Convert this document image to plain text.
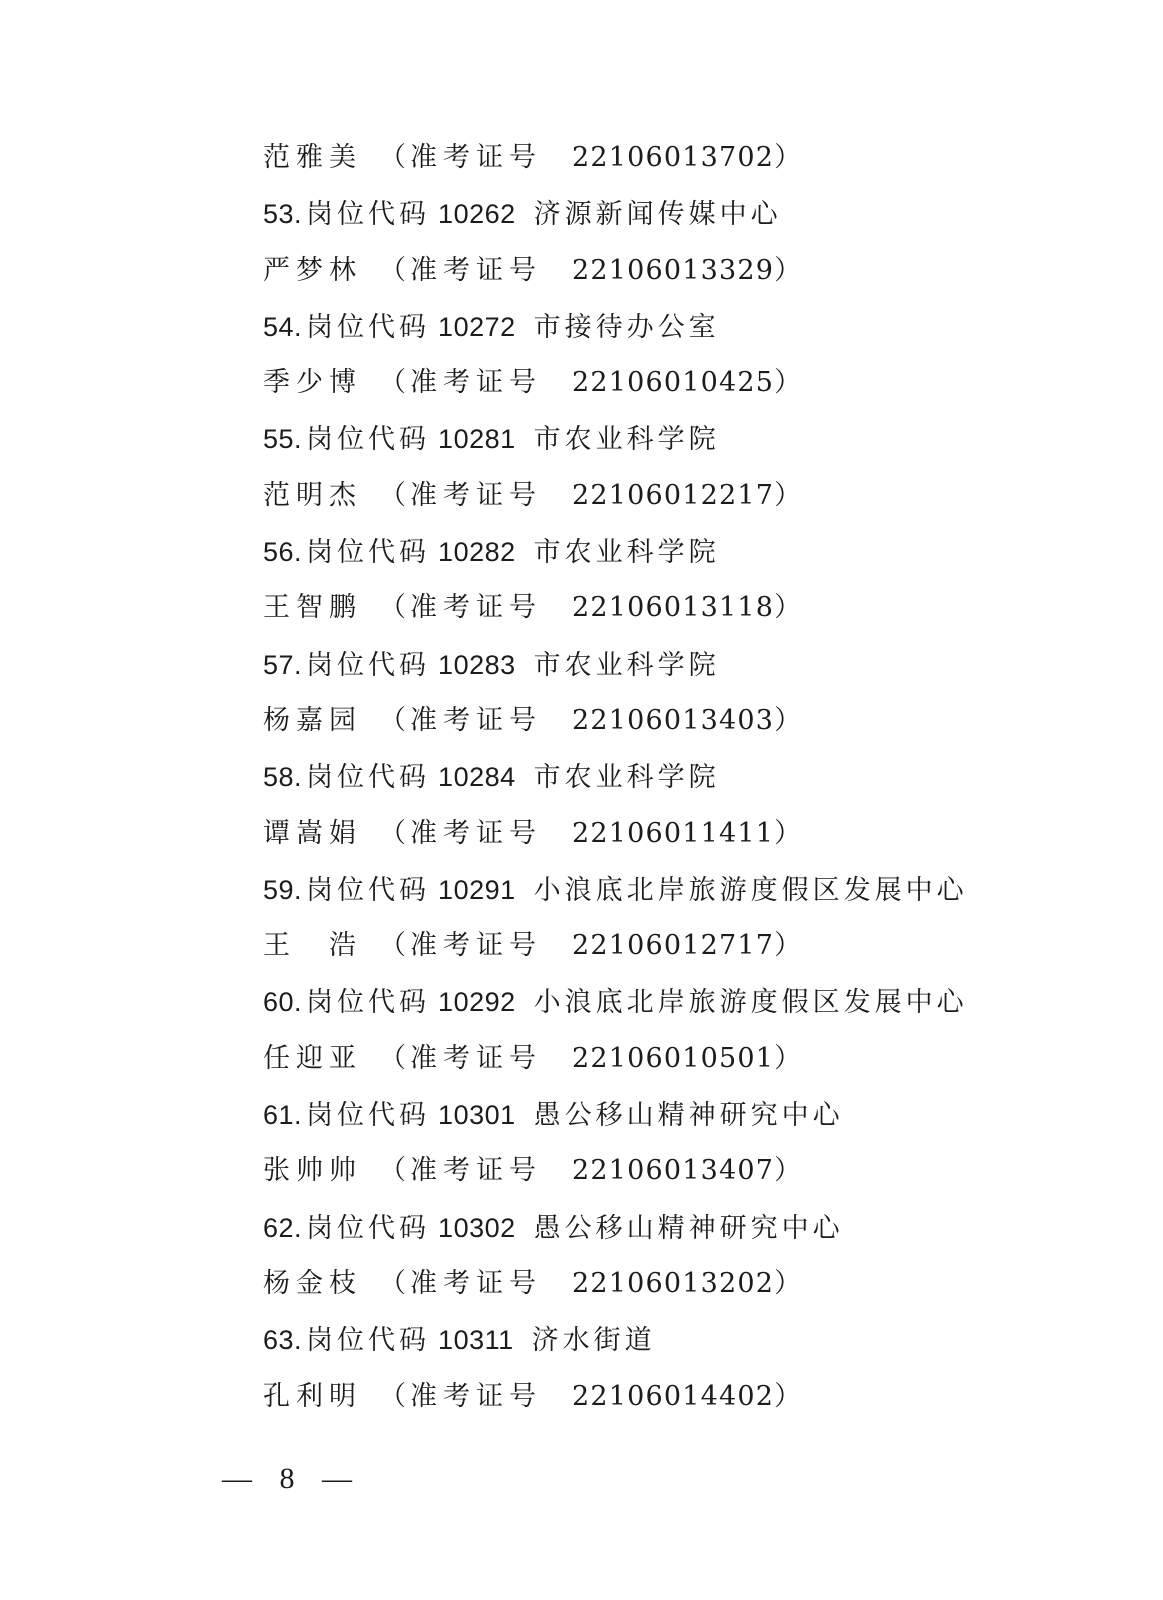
范雅美 （准考证号 22106013702）
53. 岗位代码 10262 济源新闻传媒中心
严梦林 （准考证号 22106013329）
54. 岗位代码 10272 市接待办公室
季少博 （准考证号 22106010425）
55. 岗位代码 10281 市农业科学院
范明杰 （准考证号 22106012217）
56. 岗位代码 10282 市农业科学院
王智鹏 （准考证号 22106013118）
57. 岗位代码 10283 市农业科学院
杨嘉园 （准考证号 22106013403）
58. 岗位代码 10284 市农业科学院
谭嵩娟 （准考证号 22106011411）
59. 岗位代码 10291 小浪底北岸旅游度假区发展中心
王　浩 （准考证号 22106012717）
60. 岗位代码 10292 小浪底北岸旅游度假区发展中心
任迎亚 （准考证号 22106010501）
61. 岗位代码 10301 愚公移山精神研究中心
张帅帅 （准考证号 22106013407）
62. 岗位代码 10302 愚公移山精神研究中心
杨金枝 （准考证号 22106013202）
63. 岗位代码 10311 济水街道
孔利明 （准考证号 22106014402）
— 8 —
